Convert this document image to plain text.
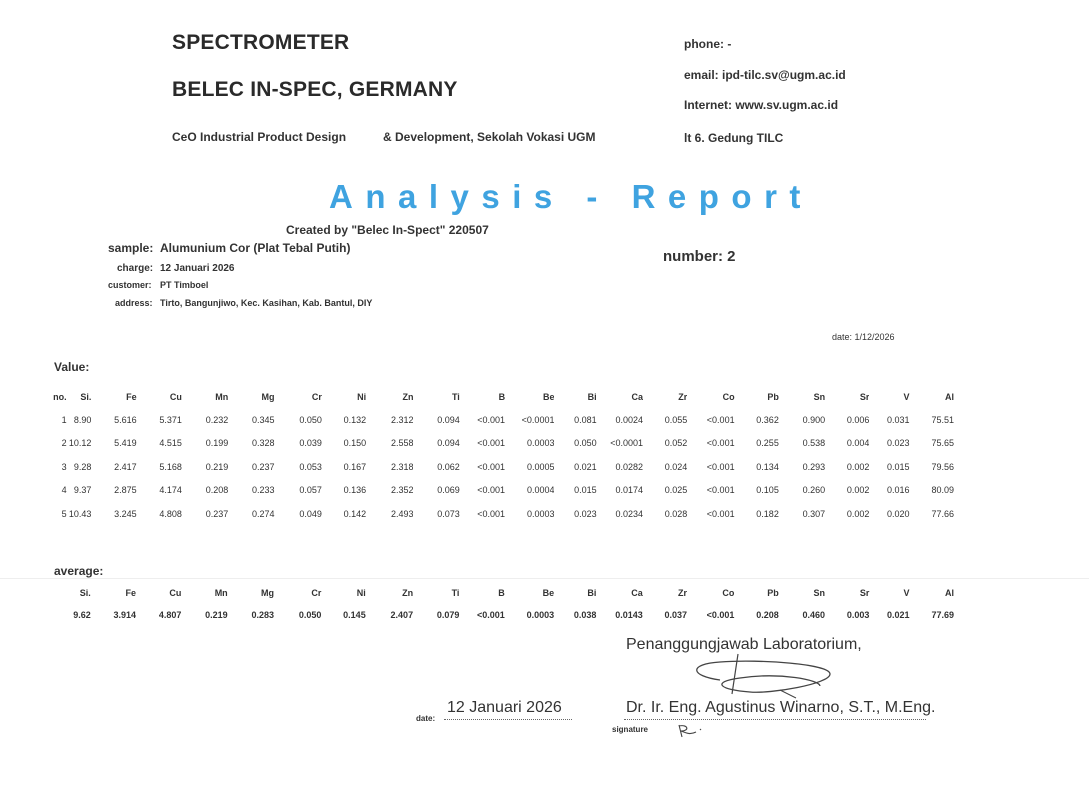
SPECTROMETER
BELEC IN-SPEC, GERMANY
CeO Industrial Product Design	& Development, Sekolah Vokasi UGM
phone: -
email: ipd-tilc.sv@ugm.ac.id
Internet: www.sv.ugm.ac.id
lt 6. Gedung TILC
Analysis - Report
Created by "Belec In-Spect" 220507
sample: Alumunium Cor (Plat Tebal Putih)	number: 2
charge: 12 Januari 2026
customer: PT Timboel
address: Tirto, Bangunjiwo, Kec. Kasihan, Kab. Bantul, DIY
date: 1/12/2026
Value:
no.	Si.	Fe	Cu	Mn	Mg	Cr	Ni	Zn	Ti	B	Be	Bi	Ca	Zr	Co	Pb	Sn	Sr	V	Al
1	8.90	5.616	5.371	0.232	0.345	0.050	0.132	2.312	0.094	<0.001	<0.0001	0.081	0.0024	0.055	<0.001	0.362	0.900	0.006	0.031	75.51
2	10.12	5.419	4.515	0.199	0.328	0.039	0.150	2.558	0.094	<0.001	0.0003	0.050	<0.0001	0.052	<0.001	0.255	0.538	0.004	0.023	75.65
3	9.28	2.417	5.168	0.219	0.237	0.053	0.167	2.318	0.062	<0.001	0.0005	0.021	0.0282	0.024	<0.001	0.134	0.293	0.002	0.015	79.56
4	9.37	2.875	4.174	0.208	0.233	0.057	0.136	2.352	0.069	<0.001	0.0004	0.015	0.0174	0.025	<0.001	0.105	0.260	0.002	0.016	80.09
5	10.43	3.245	4.808	0.237	0.274	0.049	0.142	2.493	0.073	<0.001	0.0003	0.023	0.0234	0.028	<0.001	0.182	0.307	0.002	0.020	77.66
average:
Si.	Fe	Cu	Mn	Mg	Cr	Ni	Zn	Ti	B	Be	Bi	Ca	Zr	Co	Pb	Sn	Sr	V	Al
9.62	3.914	4.807	0.219	0.283	0.050	0.145	2.407	0.079	<0.001	0.0003	0.038	0.0143	0.037	<0.001	0.208	0.460	0.003	0.021	77.69
Penanggungjawab Laboratorium,
12 Januari 2026
date:
Dr. Ir. Eng. Agustinus Winarno, S.T., M.Eng.
signature
